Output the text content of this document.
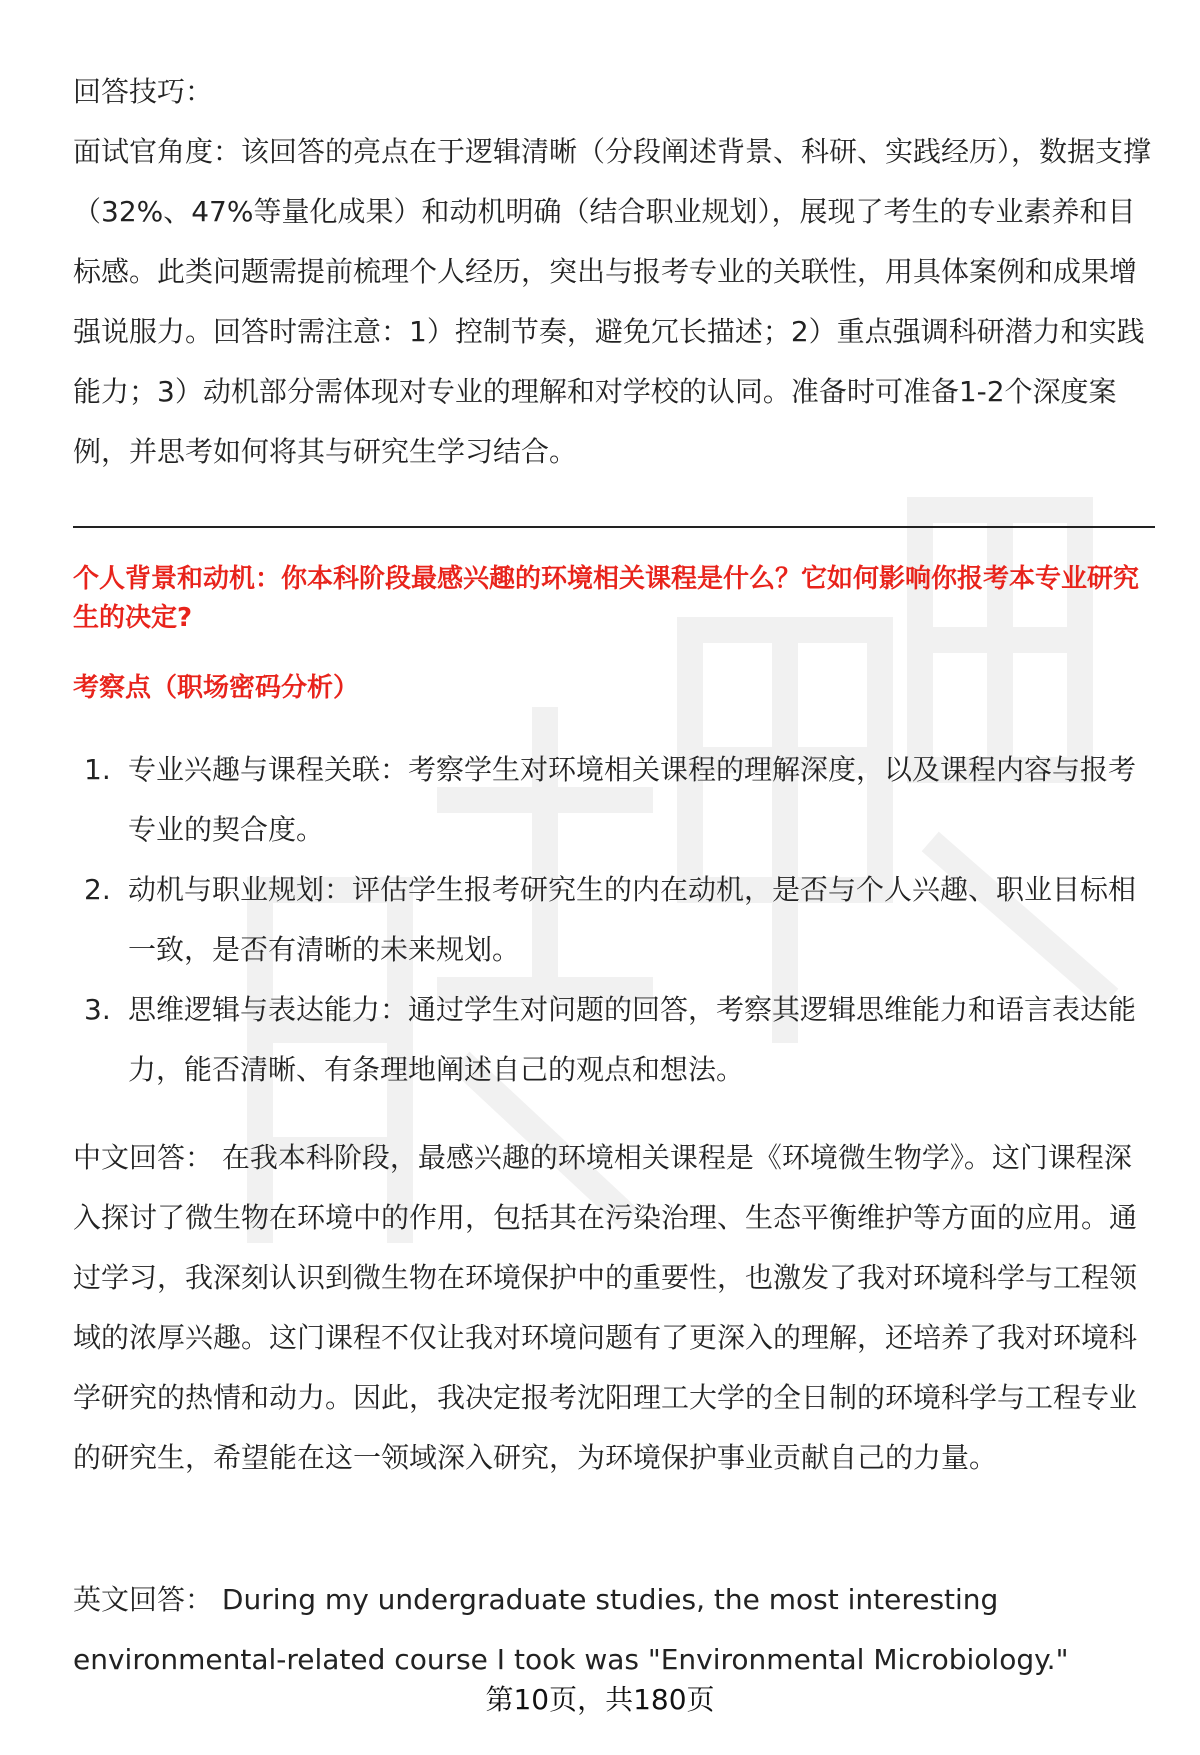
回答技巧：

面试官角度：该回答的亮点在于逻辑清晰（分段阐述背景、科研、实践经历），数据支撑（32%、47%等量化成果）和动机明确（结合职业规划），展现了考生的专业素养和目标感。此类问题需提前梳理个人经历，突出与报考专业的关联性，用具体案例和成果增强说服力。回答时需注意：1）控制节奏，避免冗长描述；2）重点强调科研潜力和实践能力；3）动机部分需体现对专业的理解和对学校的认同。准备时可准备1-2个深度案例，并思考如何将其与研究生学习结合。

个人背景和动机：你本科阶段最感兴趣的环境相关课程是什么？它如何影响你报考本专业研究生的决定?

考察点（职场密码分析）

1. 专业兴趣与课程关联：考察学生对环境相关课程的理解深度，以及课程内容与报考专业的契合度。
2. 动机与职业规划：评估学生报考研究生的内在动机，是否与个人兴趣、职业目标相一致，是否有清晰的未来规划。
3. 思维逻辑与表达能力：通过学生对问题的回答，考察其逻辑思维能力和语言表达能力，能否清晰、有条理地阐述自己的观点和想法。

中文回答： 在我本科阶段，最感兴趣的环境相关课程是《环境微生物学》。这门课程深入探讨了微生物在环境中的作用，包括其在污染治理、生态平衡维护等方面的应用。通过学习，我深刻认识到微生物在环境保护中的重要性，也激发了我对环境科学与工程领域的浓厚兴趣。这门课程不仅让我对环境问题有了更深入的理解，还培养了我对环境科学研究的热情和动力。因此，我决定报考沈阳理工大学的全日制的环境科学与工程专业的研究生，希望能在这一领域深入研究，为环境保护事业贡献自己的力量。

英文回答： During my undergraduate studies, the most interesting environmental-related course I took was "Environmental Microbiology."

第10页，共180页
